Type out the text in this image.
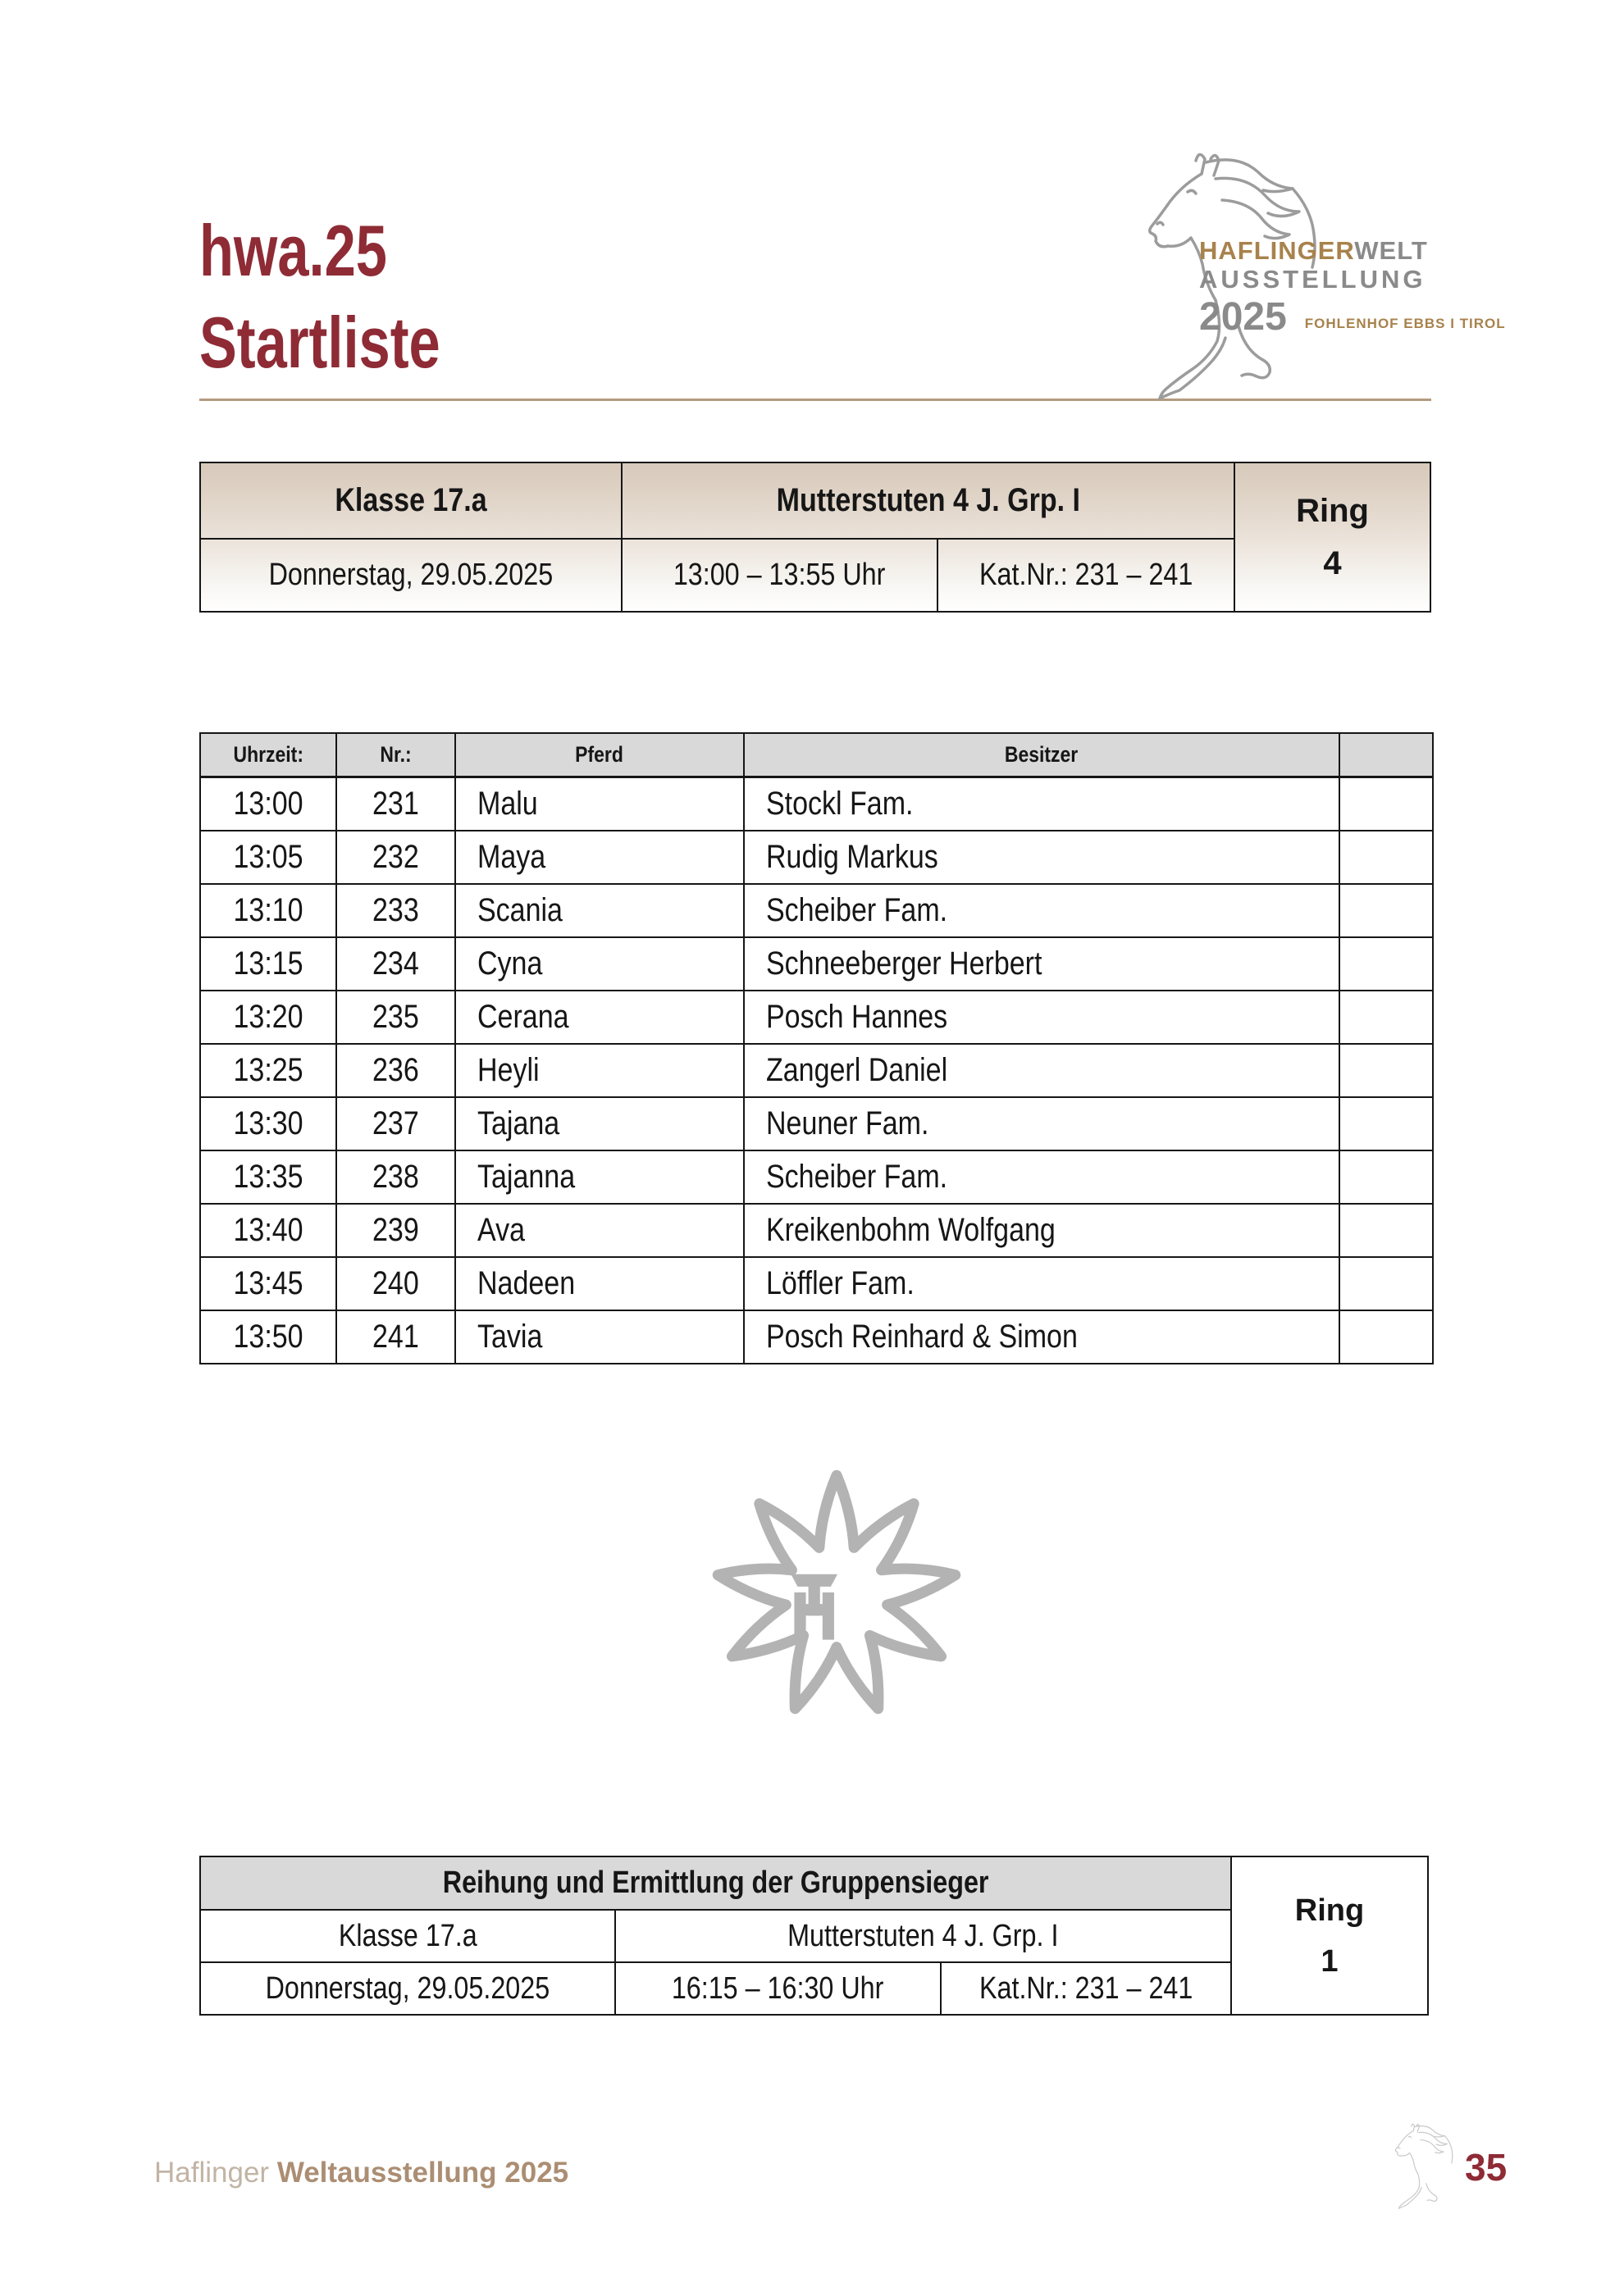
hwa.25
Startliste
HAFLINGERWELT
AUSSTELLUNG
2025 FOHLENHOF EBBS I TIROL
Klasse 17.a	Mutterstuten 4 J. Grp. I		Ring
4

Donnerstag, 29.05.2025	13:00 – 13:55 Uhr	Kat.Nr.: 231 – 241	
Uhrzeit:	Nr.:	Pferd	Besitzer	
13:00	231	Malu	Stockl Fam.	
13:05	232	Maya	Rudig Markus	
13:10	233	Scania	Scheiber Fam.	
13:15	234	Cyna	Schneeberger Herbert	
13:20	235	Cerana	Posch Hannes	
13:25	236	Heyli	Zangerl Daniel	
13:30	237	Tajana	Neuner Fam.	
13:35	238	Tajanna	Scheiber Fam.	
13:40	239	Ava	Kreikenbohm Wolfgang	
13:45	240	Nadeen	Löffler Fam.	
13:50	241	Tavia	Posch Reinhard & Simon	
Reihung und Ermittlung der Gruppensieger			Ring
1

Klasse 17.a	Mutterstuten 4 J. Grp. I		
Donnerstag, 29.05.2025	16:15 – 16:30 Uhr	Kat.Nr.: 231 – 241	
Haflinger Weltausstellung 2025	35
